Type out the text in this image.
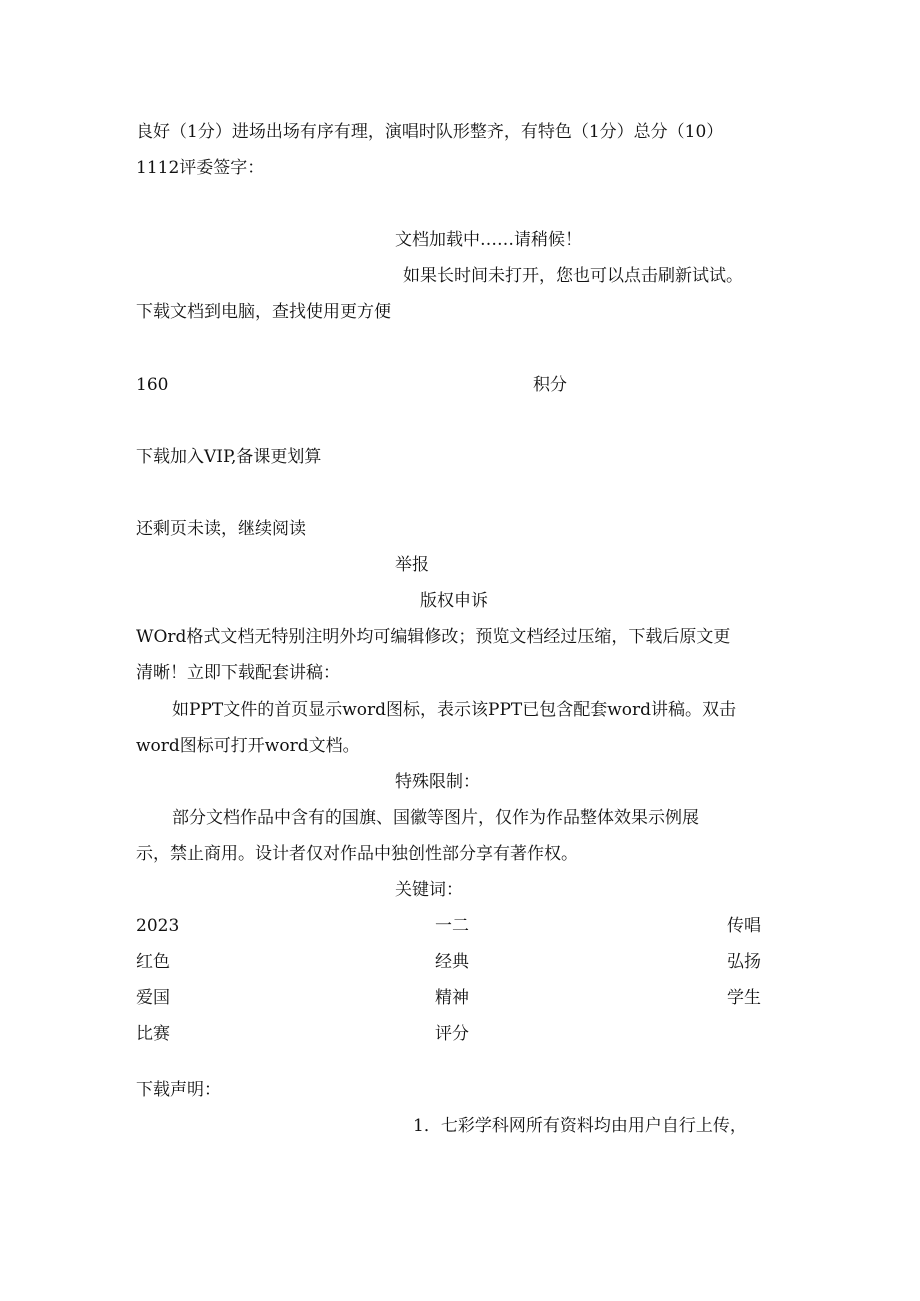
良好（1分）进场出场有序有理，演唱时队形整齐，有特色（1分）总分（10）
1112评委签字：
文档加载中……请稍候！
如果长时间未打开，您也可以点击刷新试试。
下载文档到电脑，查找使用更方便
160	积分
下载加入VIP,备课更划算
还剩页未读，继续阅读
举报
版权申诉
WOrd格式文档无特别注明外均可编辑修改；预览文档经过压缩，下载后原文更
清晰！立即下载配套讲稿：
如PPT文件的首页显示word图标，表示该PPT已包含配套word讲稿。双击
word图标可打开word文档。
特殊限制：
部分文档作品中含有的国旗、国徽等图片，仅作为作品整体效果示例展
示，禁止商用。设计者仅对作品中独创性部分享有著作权。
关键词：
2023	一二	传唱
红色	经典	弘扬
爱国	精神	学生
比赛	评分
下载声明：
1．七彩学科网所有资料均由用户自行上传，
